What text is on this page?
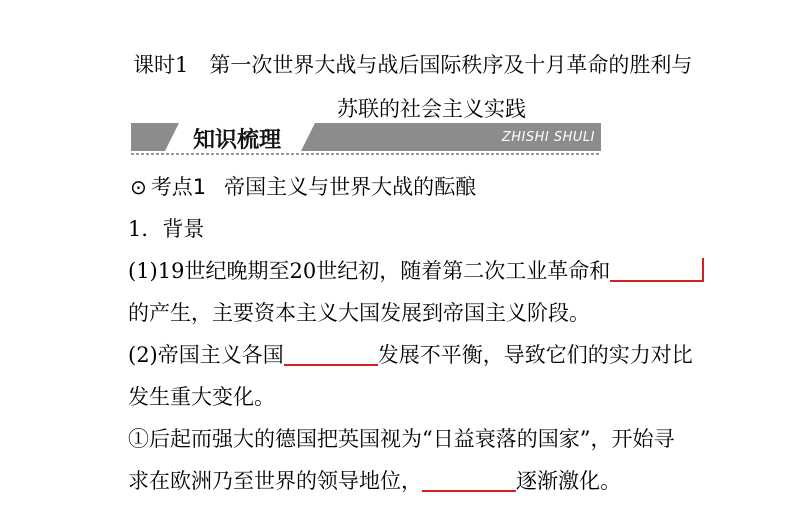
课时1　第一次世界大战与战后国际秩序及十月革命的胜利与
苏联的社会主义实践
知识梳理	ZHISHI SHULI
⊙ 考点1 帝国主义与世界大战的酝酿
1．背景
(1)19世纪晚期至20世纪初，随着第二次工业革命和
的产生，主要资本主义大国发展到帝国主义阶段。
(2)帝国主义各国	发展不平衡，导致它们的实力对比
发生重大变化。
①后起而强大的德国把英国视为“日益衰落的国家”，开始寻
求在欧洲乃至世界的领导地位，	逐渐激化。
